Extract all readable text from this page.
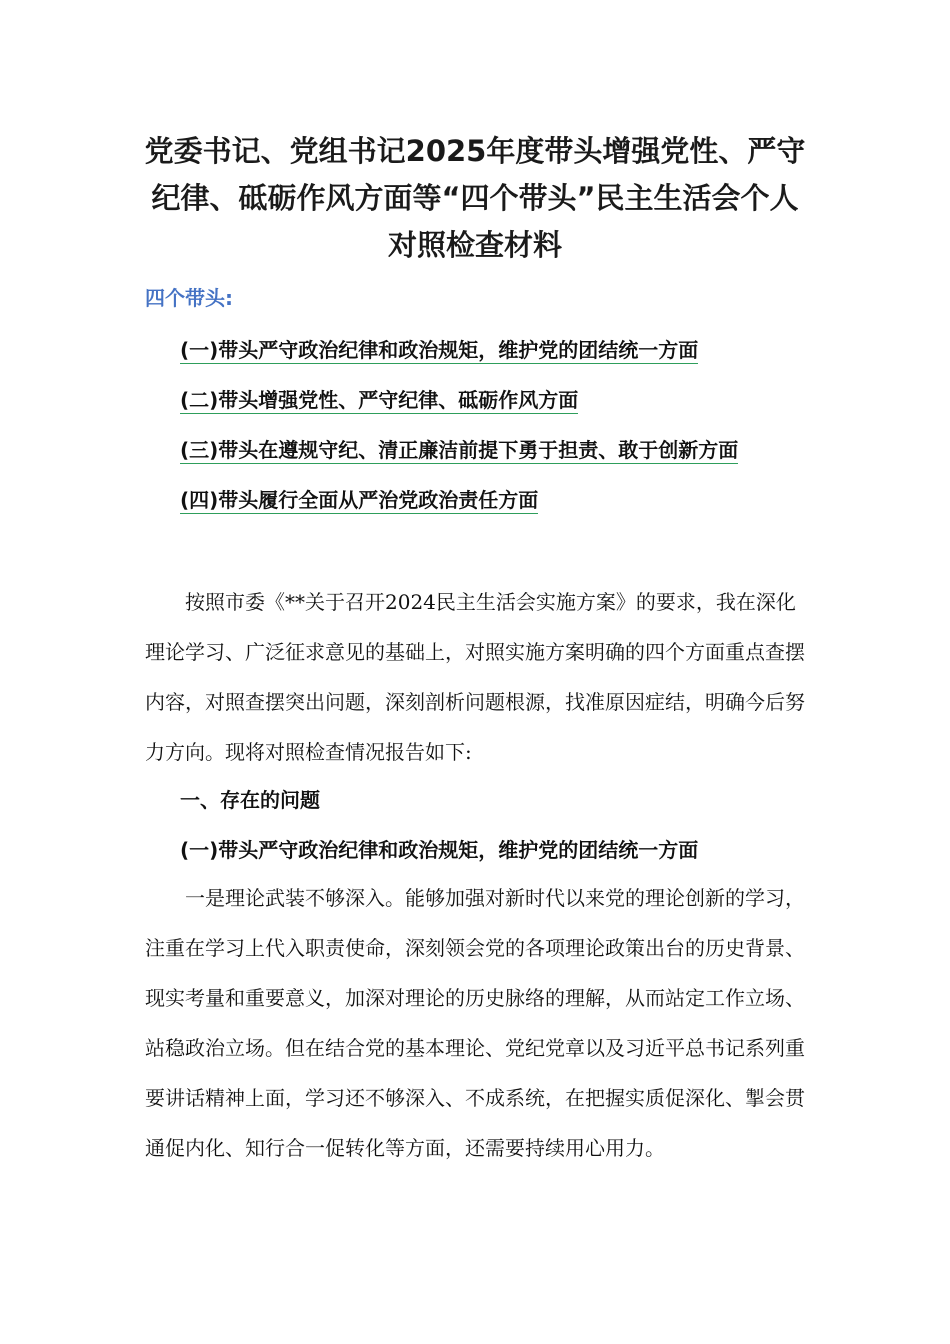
党委书记、党组书记2025年度带头增强党性、严守
纪律、砥砺作风方面等“四个带头”民主生活会个人
对照检查材料

四个带头:

(一)带头严守政治纪律和政治规矩，维护党的团结统一方面
(二)带头增强党性、严守纪律、砥砺作风方面
(三)带头在遵规守纪、清正廉洁前提下勇于担责、敢于创新方面
(四)带头履行全面从严治党政治责任方面

按照市委《**关于召开2024民主生活会实施方案》的要求，我在深化理论学习、广泛征求意见的基础上，对照实施方案明确的四个方面重点查摆内容，对照查摆突出问题，深刻剖析问题根源，找准原因症结，明确今后努力方向。现将对照检查情况报告如下:

一、存在的问题

(一)带头严守政治纪律和政治规矩，维护党的团结统一方面

一是理论武装不够深入。能够加强对新时代以来党的理论创新的学习，注重在学习上代入职责使命，深刻领会党的各项理论政策出台的历史背景、现实考量和重要意义，加深对理论的历史脉络的理解，从而站定工作立场、站稳政治立场。但在结合党的基本理论、党纪党章以及习近平总书记系列重要讲话精神上面，学习还不够深入、不成系统，在把握实质促深化、掣会贯通促内化、知行合一促转化等方面，还需要持续用心用力。
